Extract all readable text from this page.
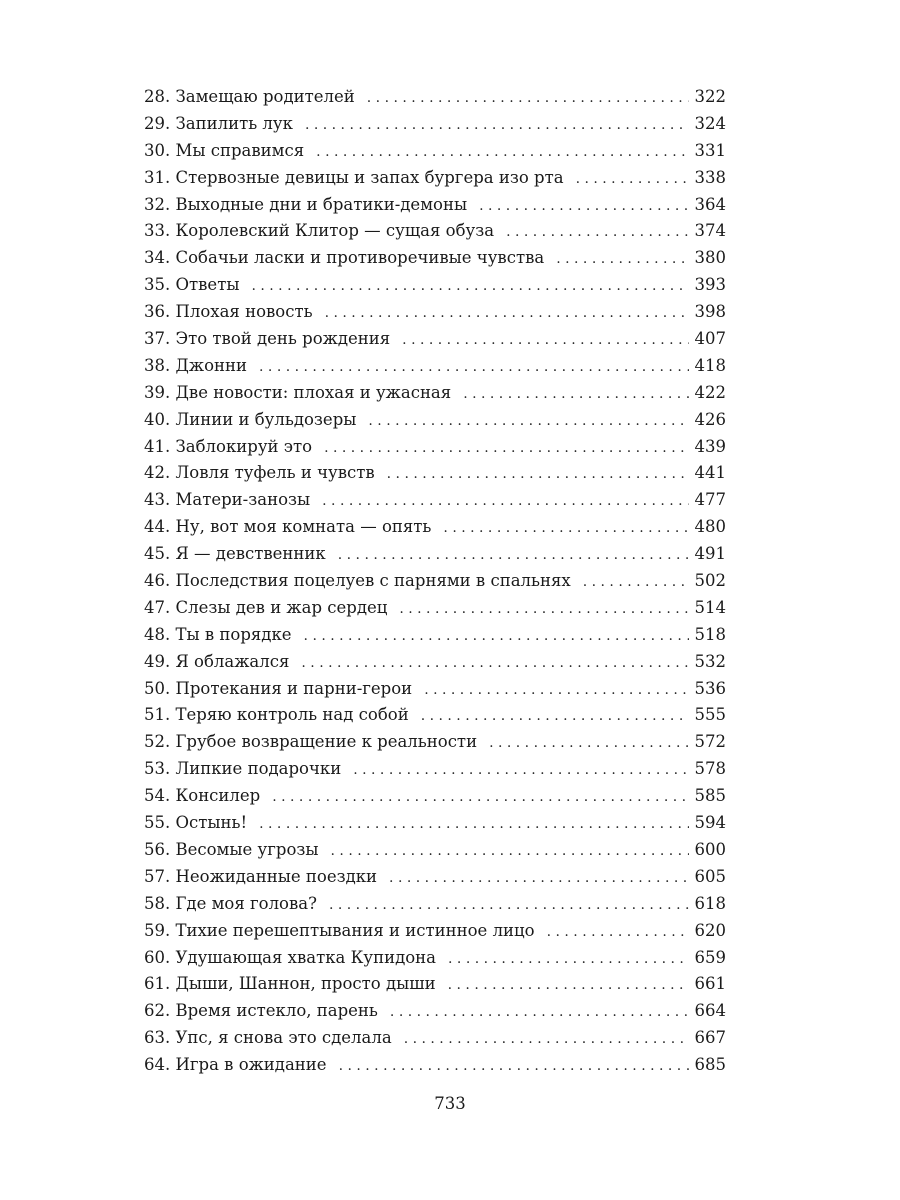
28. Замещаю родителей . . .	322
29. Запилить лук . . .	324
30. Мы справимся . . .	331
31. Стервозные девицы и запах бургера изо рта . . .	338
32. Выходные дни и братики-демоны . . .	364
33. Королевский Клитор — сущая обуза . . .	374
34. Собачьи ласки и противоречивые чувства . . .	380
35. Ответы . . .	393
36. Плохая новость . . .	398
37. Это твой день рождения . . .	407
38. Джонни . . .	418
39. Две новости: плохая и ужасная . . .	422
40. Линии и бульдозеры . . .	426
41. Заблокируй это . . .	439
42. Ловля туфель и чувств . . .	441
43. Матери-занозы . . .	477
44. Ну, вот моя комната — опять . . .	480
45. Я — девственник . . .	491
46. Последствия поцелуев с парнями в спальнях . . .	502
47. Слезы дев и жар сердец . . .	514
48. Ты в порядке . . .	518
49. Я облажался . . .	532
50. Протекания и парни-герои . . .	536
51. Теряю контроль над собой . . .	555
52. Грубое возвращение к реальности . . .	572
53. Липкие подарочки . . .	578
54. Консилер . . .	585
55. Остынь! . . .	594
56. Весомые угрозы . . .	600
57. Неожиданные поездки . . .	605
58. Где моя голова? . . .	618
59. Тихие перешептывания и истинное лицо . . .	620
60. Удушающая хватка Купидона . . .	659
61. Дыши, Шаннон, просто дыши . . .	661
62. Время истекло, парень . . .	664
63. Упс, я снова это сделала . . .	667
64. Игра в ожидание . . .	685
733
